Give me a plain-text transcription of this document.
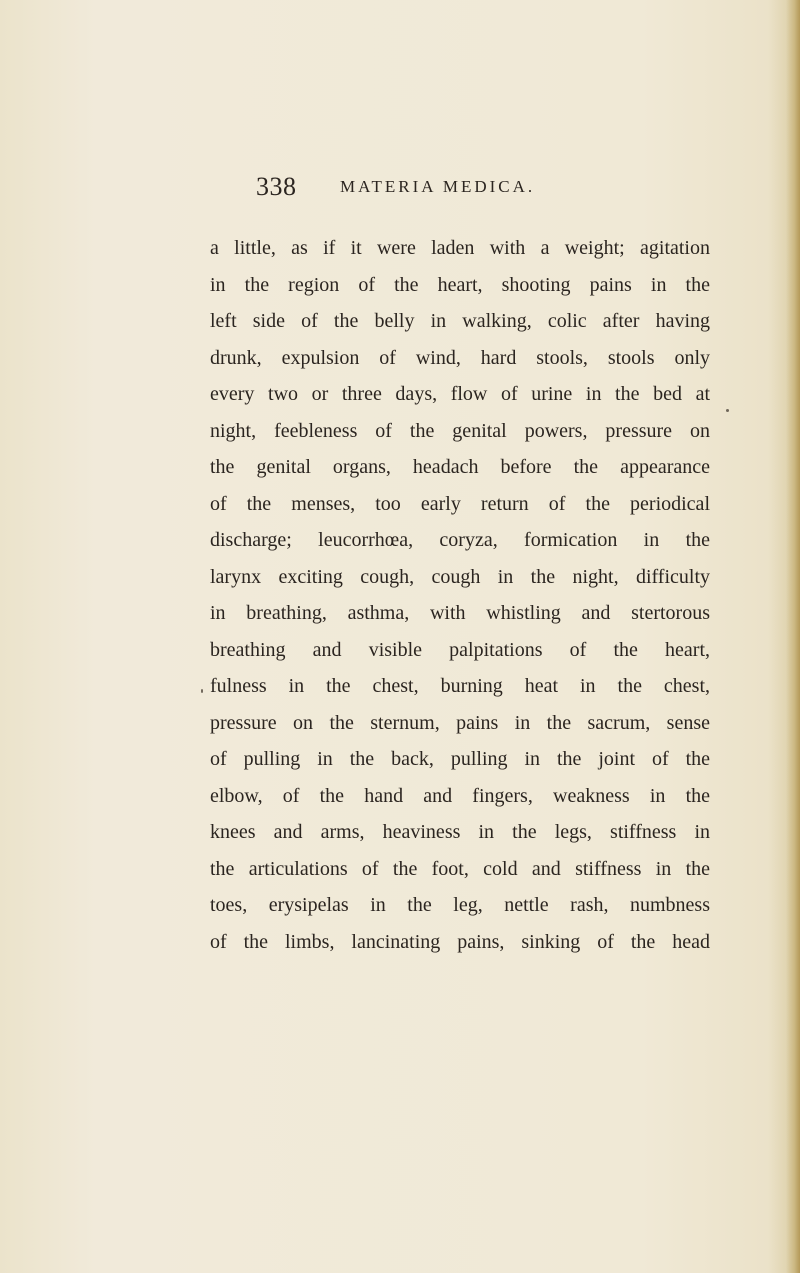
338	MATERIA MEDICA.
a little, as if it were laden with a weight; agitation
in the region of the heart, shooting pains in the
left side of the belly in walking, colic after having
drunk, expulsion of wind, hard stools, stools only
every two or three days, flow of urine in the bed at
night, feebleness of the genital powers, pressure on
the genital organs, headach before the appearance
of the menses, too early return of the periodical
discharge; leucorrhœa, coryza, formication in the
larynx exciting cough, cough in the night, difficulty
in breathing, asthma, with whistling and stertorous
breathing and visible palpitations of the heart,
fulness in the chest, burning heat in the chest,
pressure on the sternum, pains in the sacrum, sense
of pulling in the back, pulling in the joint of the
elbow, of the hand and fingers, weakness in the
knees and arms, heaviness in the legs, stiffness in
the articulations of the foot, cold and stiffness in the
toes, erysipelas in the leg, nettle rash, numbness
of the limbs, lancinating pains, sinking of the head
